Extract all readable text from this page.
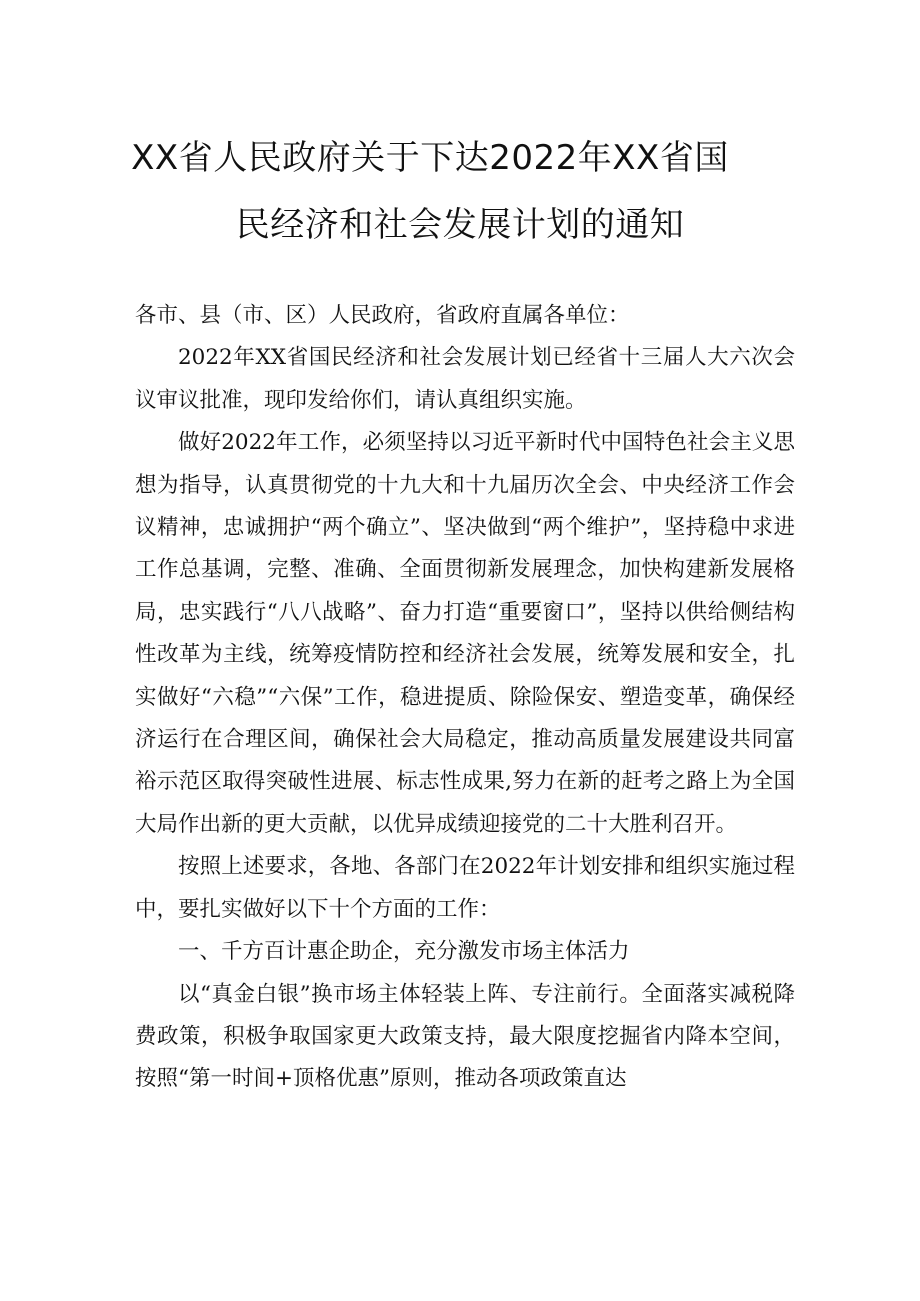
XX省人民政府关于下达2022年XX省国
民经济和社会发展计划的通知

各市、县（市、区）人民政府，省政府直属各单位：

2022年XX省国民经济和社会发展计划已经省十三届人大六次会议审议批准，现印发给你们，请认真组织实施。

做好2022年工作，必须坚持以习近平新时代中国特色社会主义思想为指导，认真贯彻党的十九大和十九届历次全会、中央经济工作会议精神，忠诚拥护“两个确立”、坚决做到“两个维护”，坚持稳中求进工作总基调，完整、准确、全面贯彻新发展理念，加快构建新发展格局，忠实践行“八八战略”、奋力打造“重要窗口”，坚持以供给侧结构性改革为主线，统筹疫情防控和经济社会发展，统筹发展和安全，扎实做好“六稳”“六保”工作，稳进提质、除险保安、塑造变革，确保经济运行在合理区间，确保社会大局稳定，推动高质量发展建设共同富裕示范区取得突破性进展、标志性成果,努力在新的赶考之路上为全国大局作出新的更大贡献，以优异成绩迎接党的二十大胜利召开。

按照上述要求，各地、各部门在2022年计划安排和组织实施过程中，要扎实做好以下十个方面的工作：

一、千方百计惠企助企，充分激发市场主体活力

以“真金白银”换市场主体轻装上阵、专注前行。全面落实减税降费政策，积极争取国家更大政策支持，最大限度挖掘省内降本空间，按照“第一时间+顶格优惠”原则，推动各项政策直达
